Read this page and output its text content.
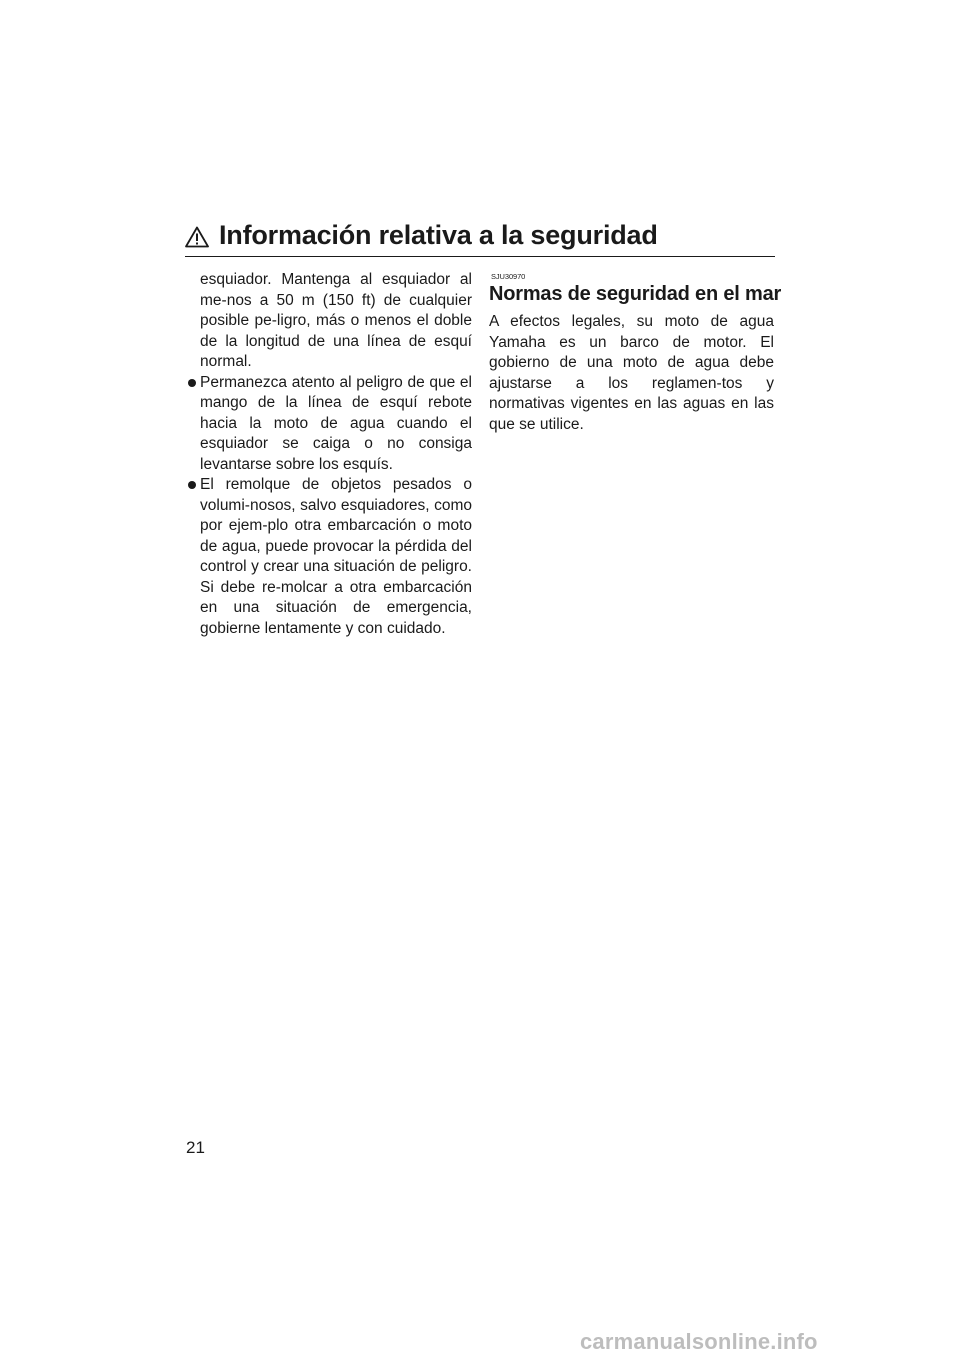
Información relativa a la seguridad

esquiador. Mantenga al esquiador al me-nos a 50 m (150 ft) de cualquier posible pe-ligro, más o menos el doble de la longitud de una línea de esquí normal.

Permanezca atento al peligro de que el mango de la línea de esquí rebote hacia la moto de agua cuando el esquiador se caiga o no consiga levantarse sobre los esquís.

El remolque de objetos pesados o volumi-nosos, salvo esquiadores, como por ejem-plo otra embarcación o moto de agua, puede provocar la pérdida del control y crear una situación de peligro. Si debe re-molcar a otra embarcación en una situación de emergencia, gobierne lentamente y con cuidado.

SJU30970
Normas de seguridad en el mar

A efectos legales, su moto de agua Yamaha es un barco de motor. El gobierno de una moto de agua debe ajustarse a los reglamen-tos y normativas vigentes en las aguas en las que se utilice.

21
carmanualsonline.info
